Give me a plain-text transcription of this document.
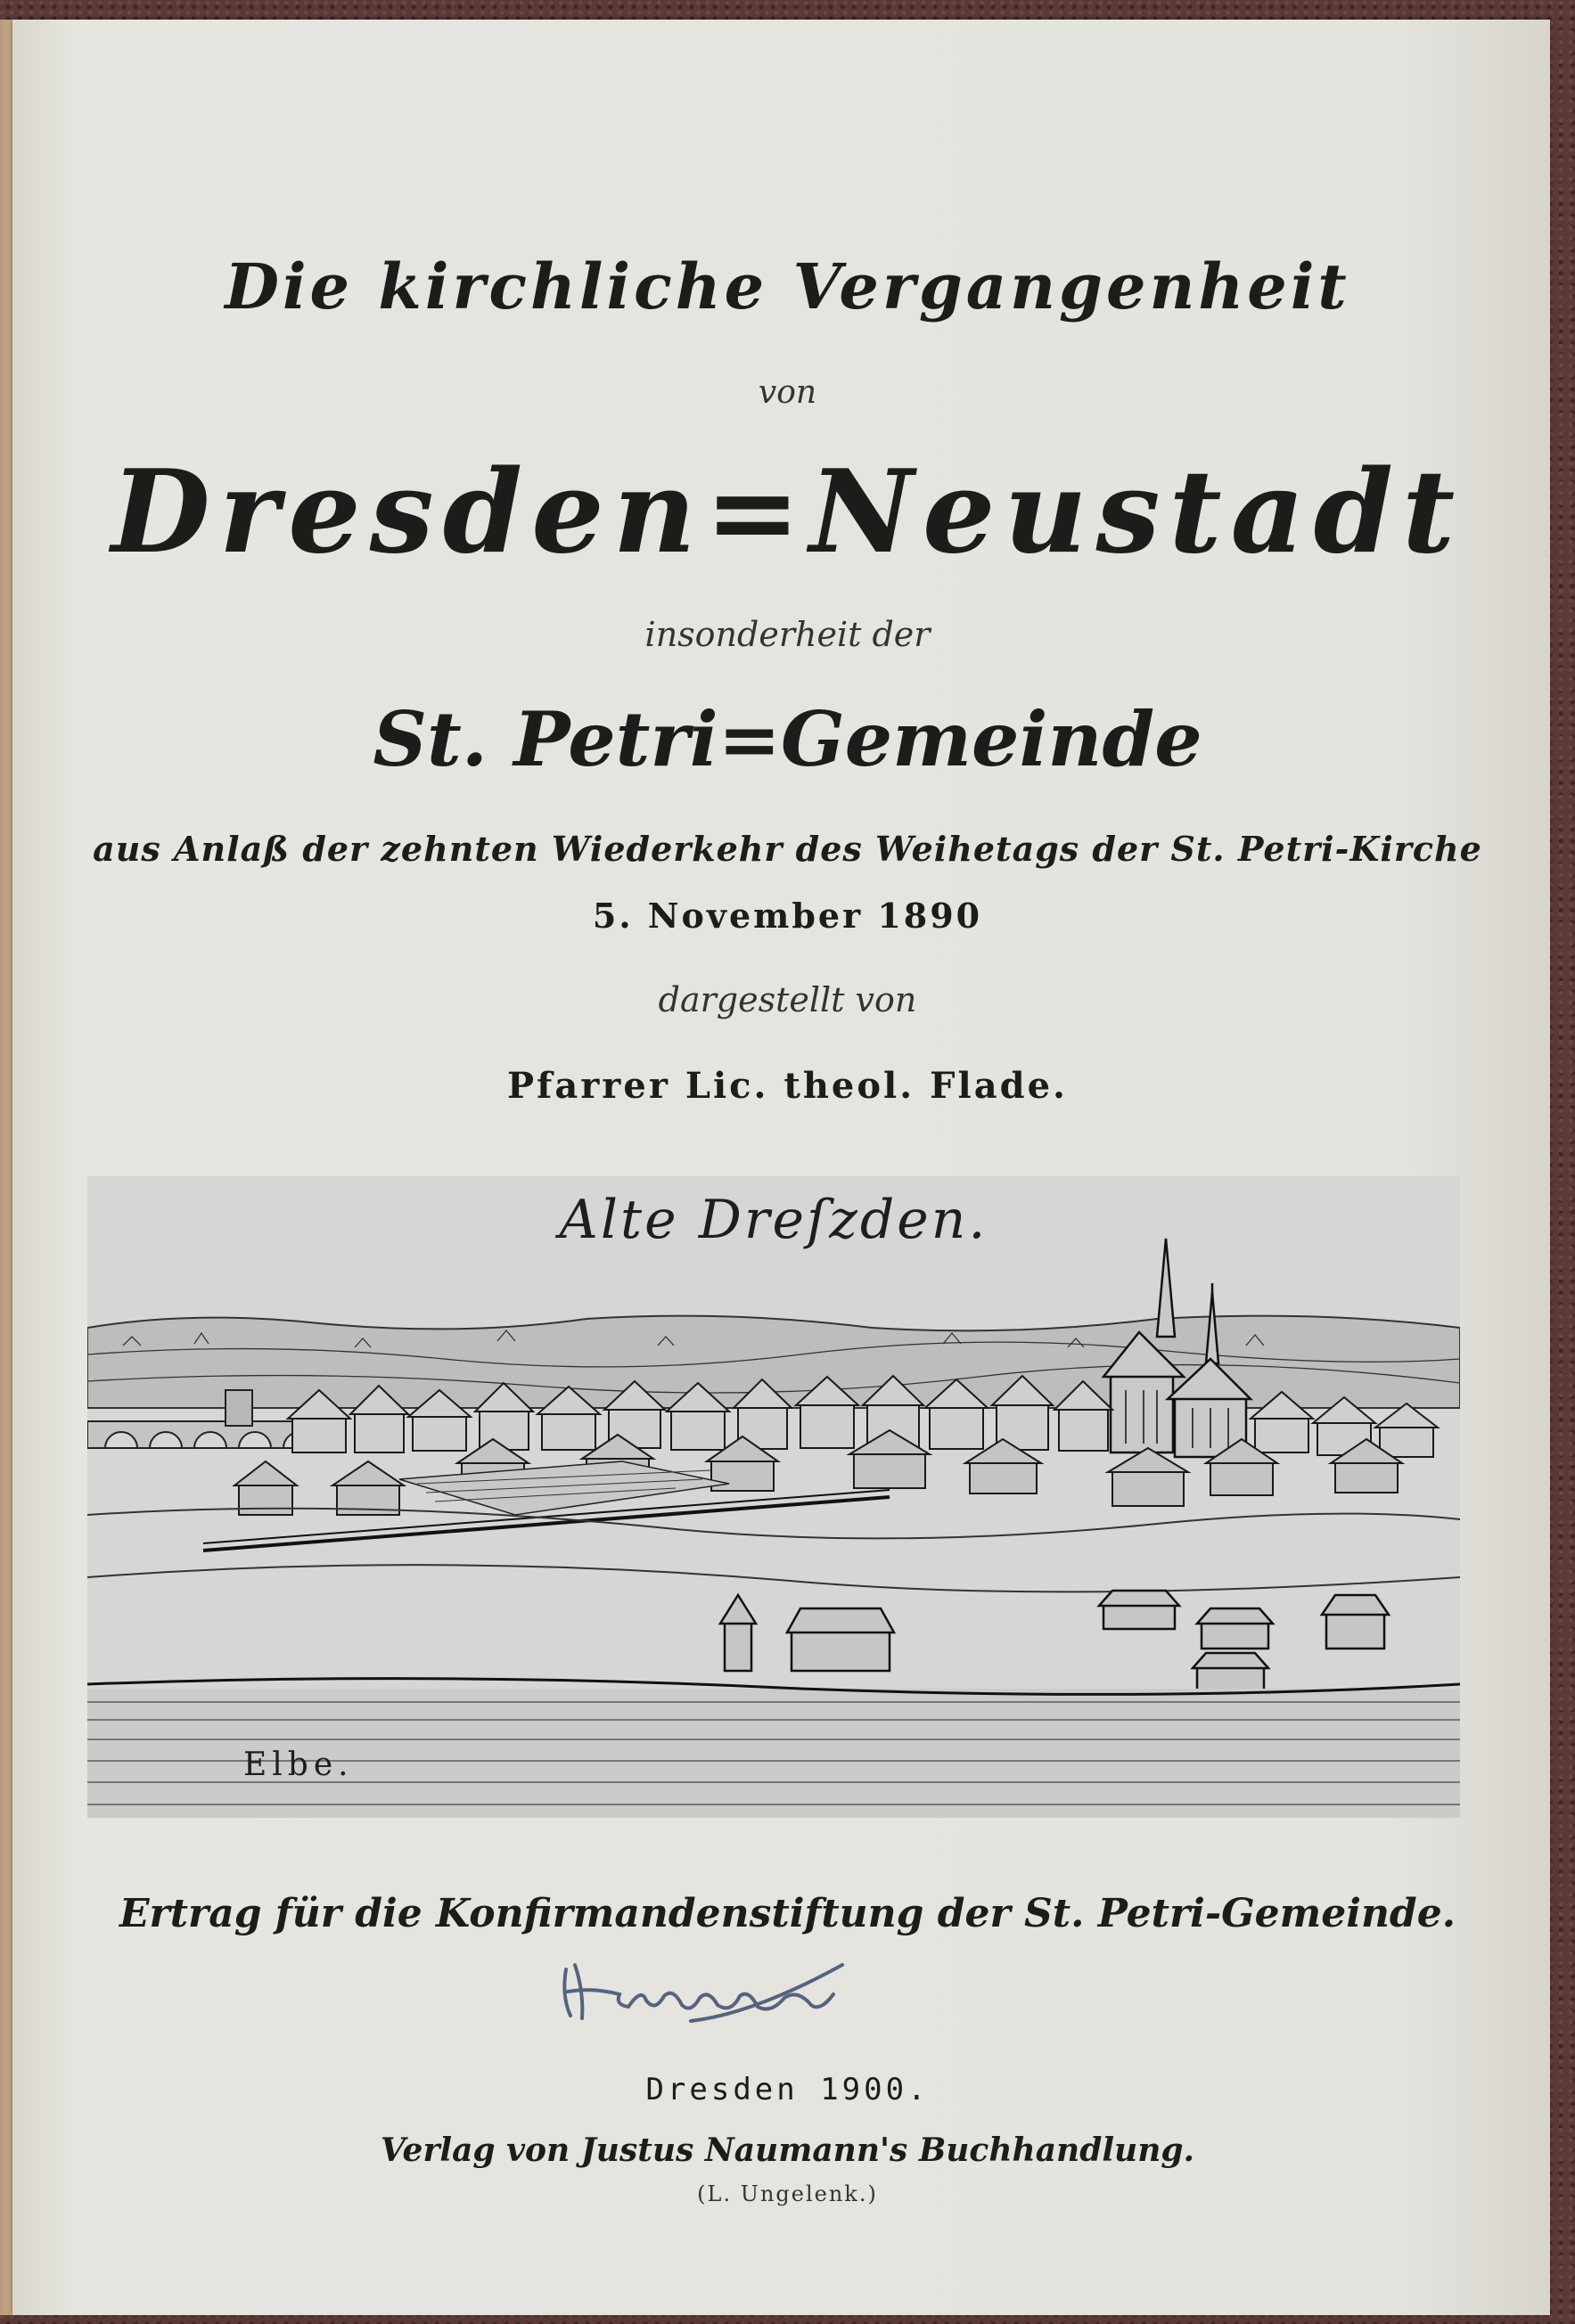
Die kirchliche Vergangenheit
von
Dresden=Neustadt
insonderheit der
St. Petri=Gemeinde
aus Anlaß der zehnten Wiederkehr des Weihetags der St. Petri-Kirche
5. November 1890
dargestellt von
Pfarrer Lic. theol. Flade.
Alte Dreſzden.
Elbe.
Ertrag für die Konfirmandenstiftung der St. Petri-Gemeinde.
Dresden 1900.
Verlag von Justus Naumann's Buchhandlung.
(L. Ungelenk.)
